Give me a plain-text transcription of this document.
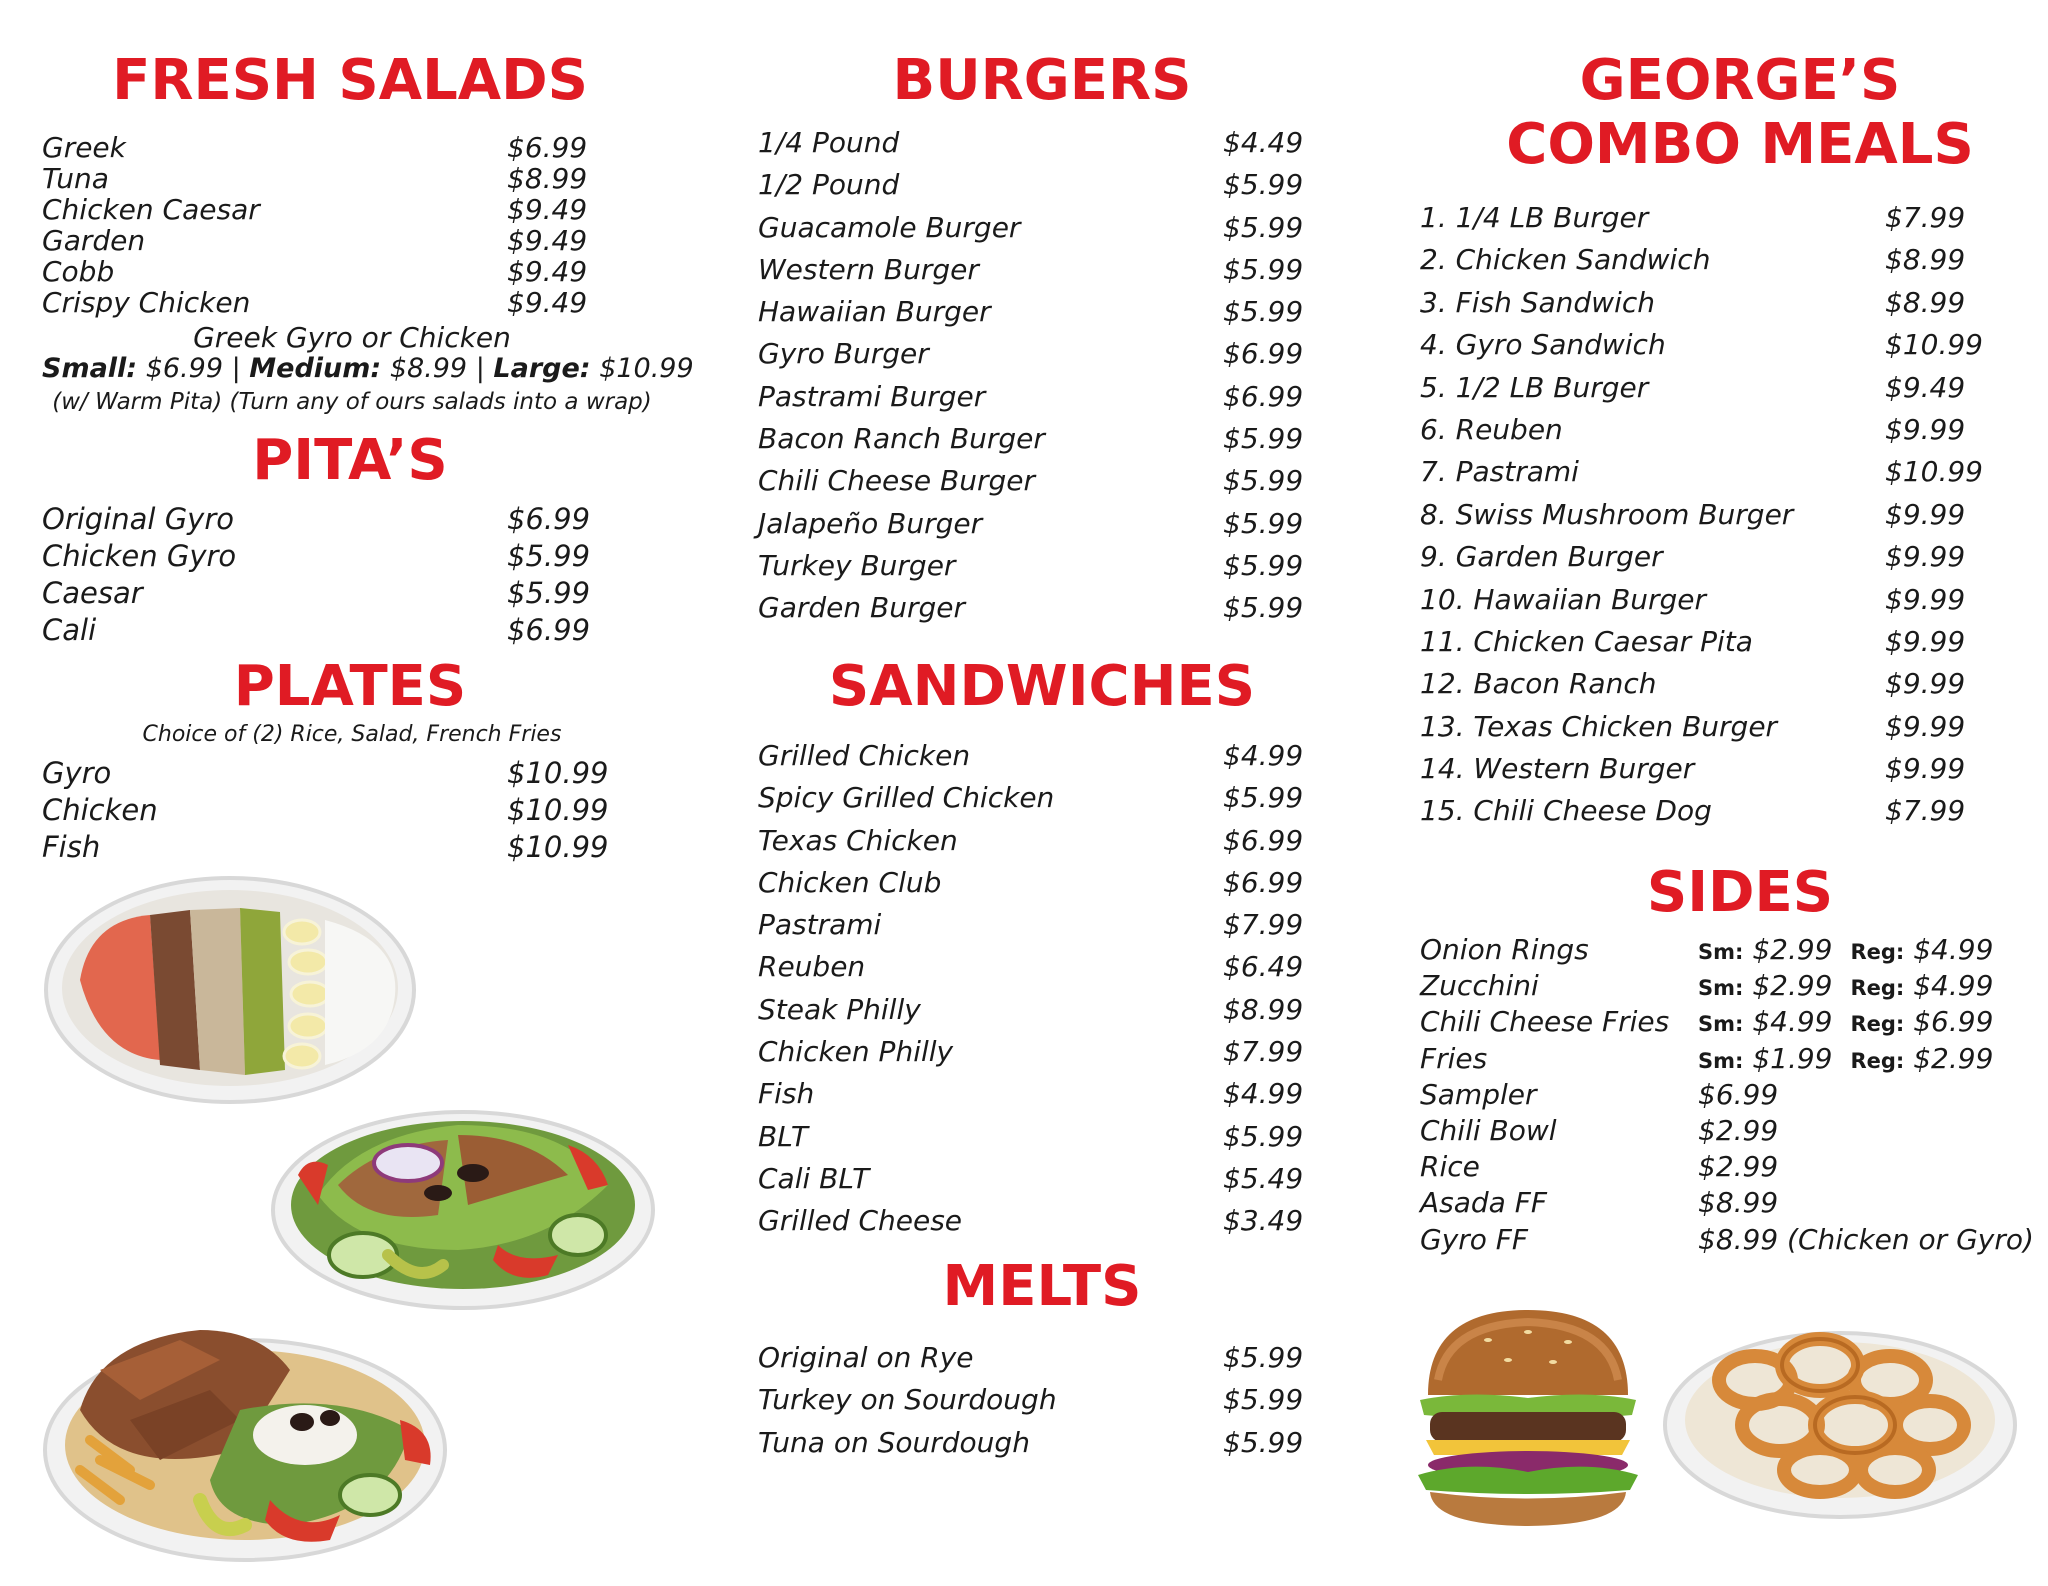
FRESH SALADS
Greek	$6.99
Tuna	$8.99
Chicken Caesar	$9.49
Garden	$9.49
Cobb	$9.49
Crispy Chicken	$9.49
Greek Gyro or Chicken
Small: $6.99 | Medium: $8.99 | Large: $10.99
(w/ Warm Pita) (Turn any of ours salads into a wrap)
PITA’S
Original Gyro	$6.99
Chicken Gyro	$5.99
Caesar	$5.99
Cali	$6.99
PLATES
Choice of (2) Rice, Salad, French Fries
Gyro	$10.99
Chicken	$10.99
Fish	$10.99
BURGERS
1/4 Pound	$4.49
1/2 Pound	$5.99
Guacamole Burger	$5.99
Western Burger	$5.99
Hawaiian Burger	$5.99
Gyro Burger	$6.99
Pastrami Burger	$6.99
Bacon Ranch Burger	$5.99
Chili Cheese Burger	$5.99
Jalapeño Burger	$5.99
Turkey Burger	$5.99
Garden Burger	$5.99
SANDWICHES
Grilled Chicken	$4.99
Spicy Grilled Chicken	$5.99
Texas Chicken	$6.99
Chicken Club	$6.99
Pastrami	$7.99
Reuben	$6.49
Steak Philly	$8.99
Chicken Philly	$7.99
Fish	$4.99
BLT	$5.99
Cali BLT	$5.49
Grilled Cheese	$3.49
MELTS
Original on Rye	$5.99
Turkey on Sourdough	$5.99
Tuna on Sourdough	$5.99
GEORGE’S
COMBO MEALS
1. 1/4 LB Burger	$7.99
2. Chicken Sandwich	$8.99
3. Fish Sandwich	$8.99
4. Gyro Sandwich	$10.99
5. 1/2 LB Burger	$9.49
6. Reuben	$9.99
7. Pastrami	$10.99
8. Swiss Mushroom Burger	$9.99
9. Garden Burger	$9.99
10. Hawaiian Burger	$9.99
11. Chicken Caesar Pita	$9.99
12. Bacon Ranch	$9.99
13. Texas Chicken Burger	$9.99
14. Western Burger	$9.99
15. Chili Cheese Dog	$7.99
SIDES
Onion Rings	Sm: $2.99 Reg: $4.99
Zucchini	Sm: $2.99 Reg: $4.99
Chili Cheese Fries Sm: $4.99 Reg: $6.99
Fries	Sm: $1.99 Reg: $2.99
Sampler	$6.99
Chili Bowl	$2.99
Rice	$2.99
Asada FF	$8.99
Gyro FF	$8.99 (Chicken or Gyro)
